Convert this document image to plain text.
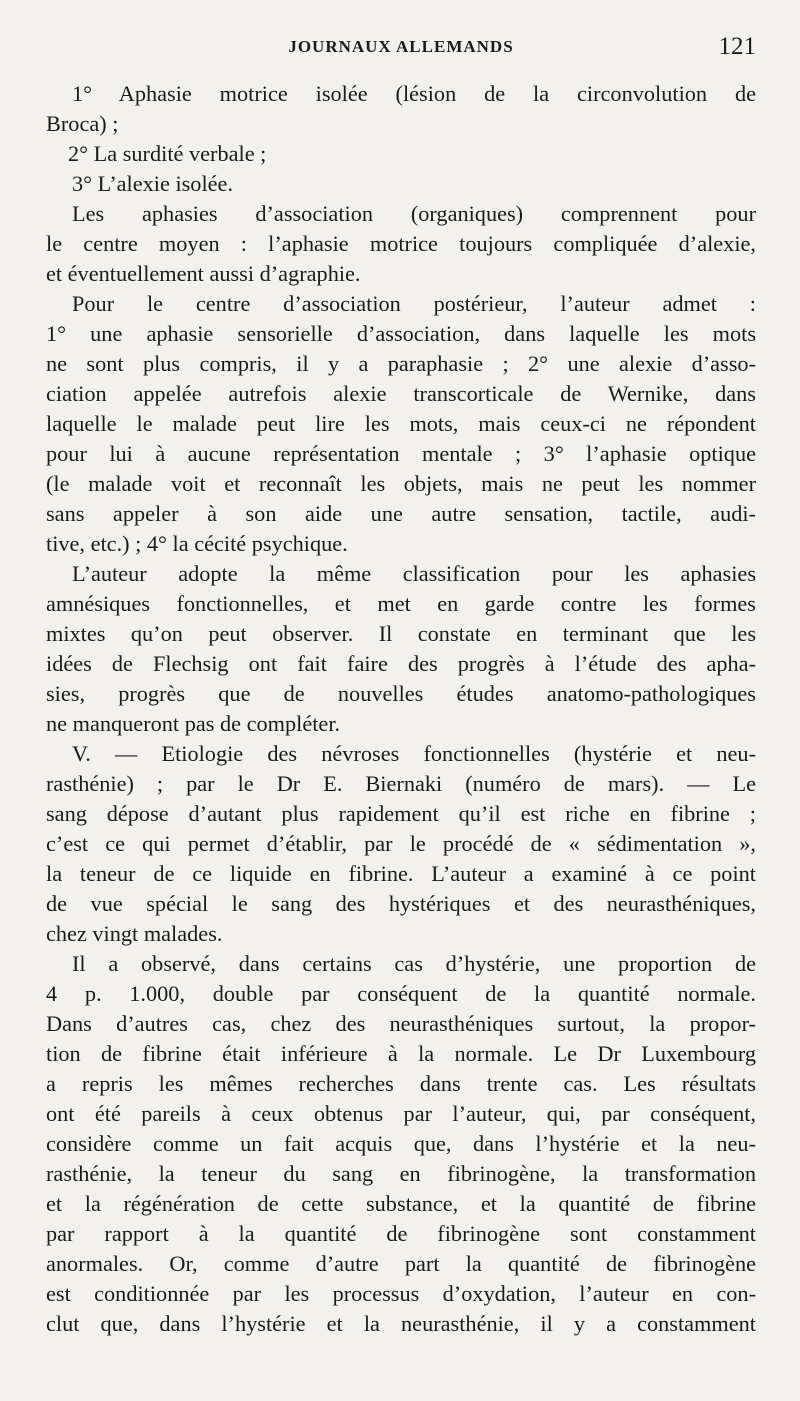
JOURNAUX ALLEMANDS	121
1° Aphasie motrice isolée (lésion de la circonvolution de
Broca) ;
2° La surdité verbale ;
3° L’alexie isolée.
Les aphasies d’association (organiques) comprennent pour
le centre moyen : l’aphasie motrice toujours compliquée d’alexie,
et éventuellement aussi d’agraphie.
Pour le centre d’association postérieur, l’auteur admet :
1° une aphasie sensorielle d’association, dans laquelle les mots
ne sont plus compris, il y a paraphasie ; 2° une alexie d’asso-
ciation appelée autrefois alexie transcorticale de Wernike, dans
laquelle le malade peut lire les mots, mais ceux-ci ne répondent
pour lui à aucune représentation mentale ; 3° l’aphasie optique
(le malade voit et reconnaît les objets, mais ne peut les nommer
sans appeler à son aide une autre sensation, tactile, audi-
tive, etc.) ; 4° la cécité psychique.
L’auteur adopte la même classification pour les aphasies
amnésiques fonctionnelles, et met en garde contre les formes
mixtes qu’on peut observer. Il constate en terminant que les
idées de Flechsig ont fait faire des progrès à l’étude des apha-
sies, progrès que de nouvelles études anatomo-pathologiques
ne manqueront pas de compléter.
V. — Etiologie des névroses fonctionnelles (hystérie et neu-
rasthénie) ; par le Dr E. Biernaki (numéro de mars). — Le
sang dépose d’autant plus rapidement qu’il est riche en fibrine ;
c’est ce qui permet d’établir, par le procédé de « sédimentation »,
la teneur de ce liquide en fibrine. L’auteur a examiné à ce point
de vue spécial le sang des hystériques et des neurasthéniques,
chez vingt malades.
Il a observé, dans certains cas d’hystérie, une proportion de
4 p. 1.000, double par conséquent de la quantité normale.
Dans d’autres cas, chez des neurasthéniques surtout, la propor-
tion de fibrine était inférieure à la normale. Le Dr Luxembourg
a repris les mêmes recherches dans trente cas. Les résultats
ont été pareils à ceux obtenus par l’auteur, qui, par conséquent,
considère comme un fait acquis que, dans l’hystérie et la neu-
rasthénie, la teneur du sang en fibrinogène, la transformation
et la régénération de cette substance, et la quantité de fibrine
par rapport à la quantité de fibrinogène sont constamment
anormales. Or, comme d’autre part la quantité de fibrinogène
est conditionnée par les processus d’oxydation, l’auteur en con-
clut que, dans l’hystérie et la neurasthénie, il y a constamment
